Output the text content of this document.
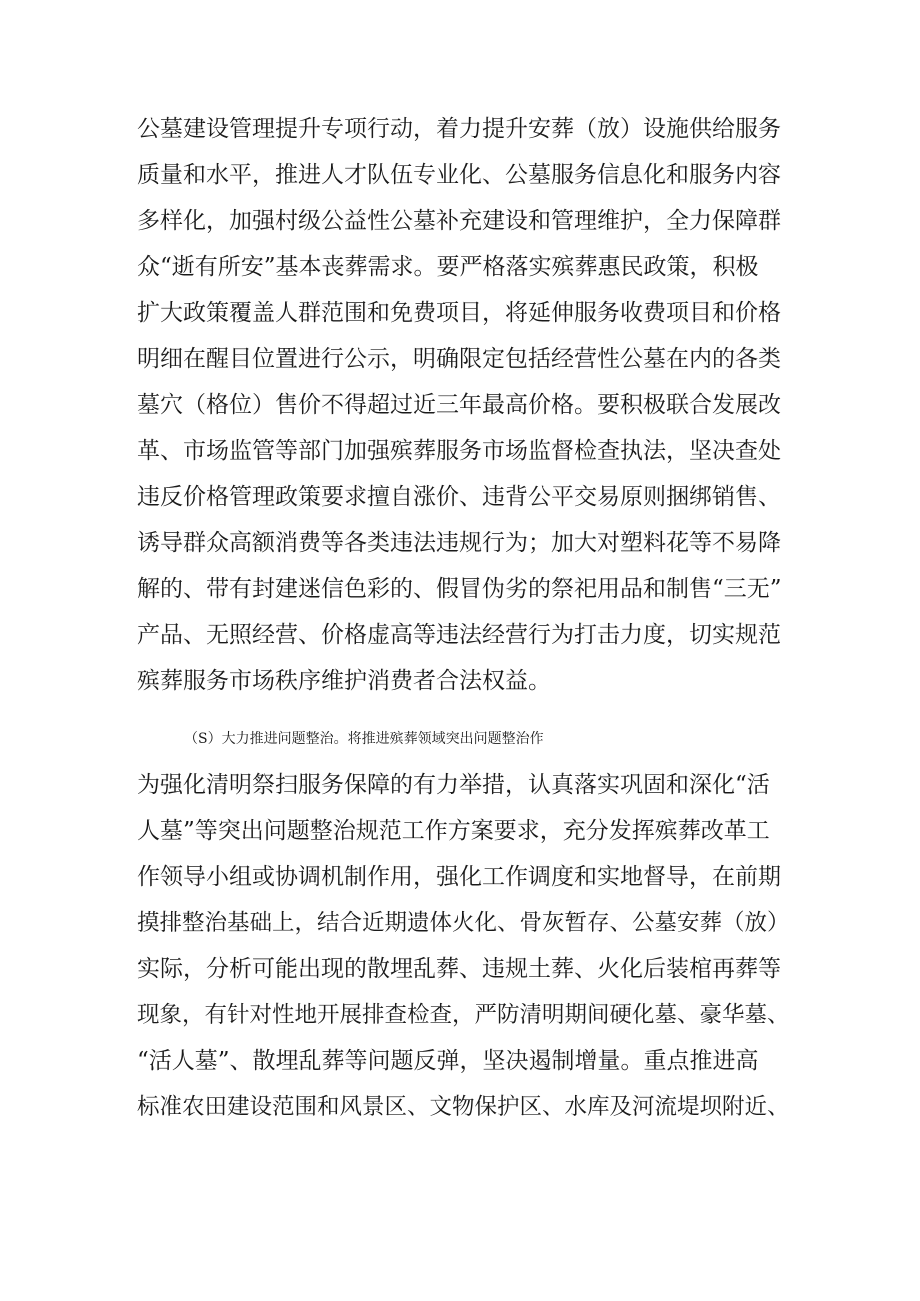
公墓建设管理提升专项行动，着力提升安葬（放）设施供给服务
质量和水平，推进人才队伍专业化、公墓服务信息化和服务内容
多样化，加强村级公益性公墓补充建设和管理维护，全力保障群
众“逝有所安”基本丧葬需求。要严格落实殡葬惠民政策，积极
扩大政策覆盖人群范围和免费项目，将延伸服务收费项目和价格
明细在醒目位置进行公示，明确限定包括经营性公墓在内的各类
墓穴（格位）售价不得超过近三年最高价格。要积极联合发展改
革、市场监管等部门加强殡葬服务市场监督检查执法，坚决查处
违反价格管理政策要求擅自涨价、违背公平交易原则捆绑销售、
诱导群众高额消费等各类违法违规行为；加大对塑料花等不易降
解的、带有封建迷信色彩的、假冒伪劣的祭祀用品和制售“三无”
产品、无照经营、价格虚高等违法经营行为打击力度，切实规范
殡葬服务市场秩序维护消费者合法权益。
（S）大力推进问题整治。将推进殡葬领域突出问题整治作
为强化清明祭扫服务保障的有力举措，认真落实巩固和深化“活
人墓”等突出问题整治规范工作方案要求，充分发挥殡葬改革工
作领导小组或协调机制作用，强化工作调度和实地督导，在前期
摸排整治基础上，结合近期遗体火化、骨灰暂存、公墓安葬（放）
实际，分析可能出现的散埋乱葬、违规土葬、火化后装棺再葬等
现象，有针对性地开展排查检查，严防清明期间硬化墓、豪华墓、
“活人墓”、散埋乱葬等问题反弹，坚决遏制增量。重点推进高
标准农田建设范围和风景区、文物保护区、水库及河流堤坝附近、
